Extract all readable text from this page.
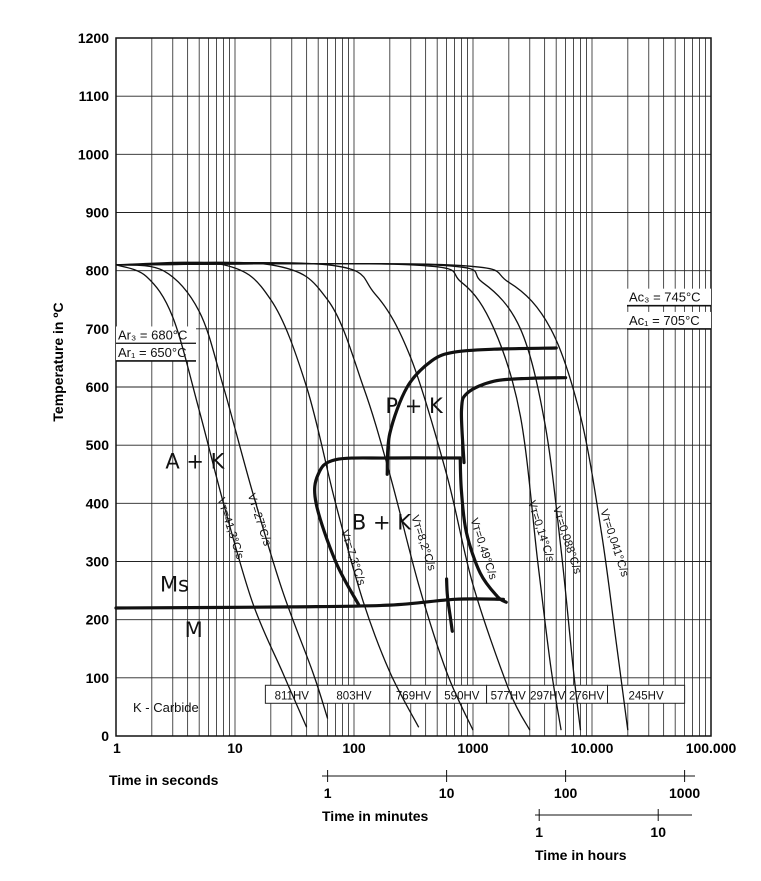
0
100
200
300
400
500
600
700
800
900
1000
1100
1200
1	10	100	1000	10.000	100.000
Ar₃ = 680°C
Ar₁ = 650°C
Ac₃ = 745°C
Ac₁ = 705°C
811HV 803HV 769HV 590HV 577HV 297HV 276HV 245HV
Vт=41,3°C/s Vт=27°C/s
Vт=7,3°C/s	Vт=8,2°C/s	Vт=0,49°C/s Vт=0,14°C/s
Vт=0,088°C/s Vт=0,041°C/s
A + K
P + K
B + K
Ms
M
Temperature in ºC
Time in seconds
Time in minutes
Time in hours
1	10	100	1000
1	10
K - Carbide
